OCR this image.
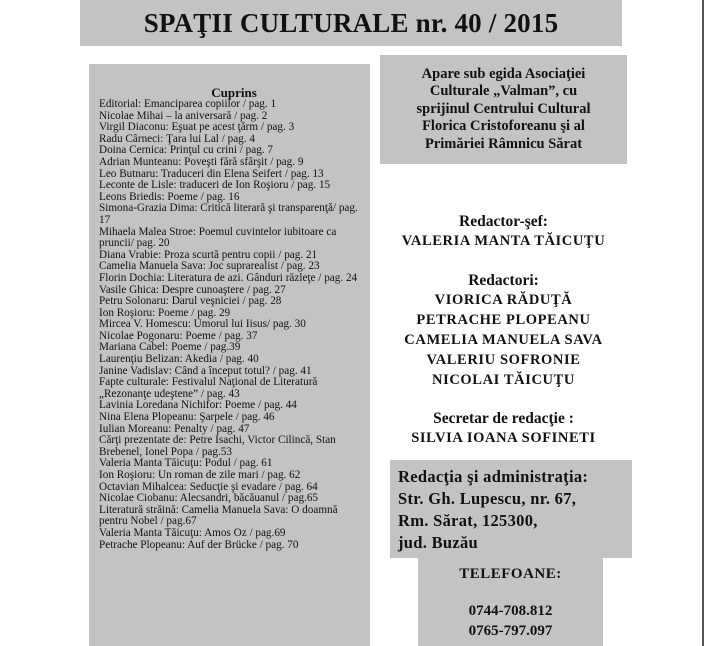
SPAŢII CULTURALE nr. 40 / 2015
Cuprins
Editorial: Emanciparea copiilor / pag. 1
Nicolae Mihai – la aniversară / pag. 2
Virgil Diaconu: Eşuat pe acest ţărm / pag. 3
Radu Cârneci: Ţara lui Lal / pag. 4
Doina Cernica: Prinţul cu crini / pag. 7
Adrian Munteanu: Poveşti fără sfârşit / pag. 9
Leo Butnaru: Traduceri din Elena Seifert / pag. 13
Leconte de Lisle: traduceri de Ion Roşioru / pag. 15
Leons Briedis: Poeme / pag. 16
Simona-Grazia Dima: Critică literară şi transparenţă/ pag. 17
Mihaela Malea Stroe: Poemul cuvintelor iubitoare ca pruncii/ pag. 20
Diana Vrabie: Proza scurtă pentru copii / pag. 21
Camelia Manuela Sava: Joc suprarealist / pag. 23
Florin Dochia: Literatura de azi. Gânduri răzleţe / pag. 24
Vasile Ghica: Despre cunoaştere / pag. 27
Petru Solonaru: Darul veşniciei / pag. 28
Ion Roşioru: Poeme / pag. 29
Mircea V. Homescu: Umorul lui Iisus/ pag. 30
Nicolae Pogonaru: Poeme / pag. 37
Mariana Cabel: Poeme / pag.39
Laurenţiu Belizan: Akedia / pag. 40
Janine Vadislav: Când a început totul? / pag. 41
Fapte culturale: Festivalul Naţional de Literatură „Rezonanţe udeştene” / pag. 43
Lavinia Loredana Nichifor: Poeme / pag. 44
Nina Elena Plopeanu: Şarpele / pag. 46
Iulian Moreanu: Penalty / pag. 47
Cărţi prezentate de: Petre Isachi, Victor Cilincă, Stan Brebenel, Ionel Popa / pag.53
Valeria Manta Tăicuţu: Podul / pag. 61
Ion Roşioru: Un roman de zile mari / pag. 62
Octavian Mihalcea: Seducţie şi evadare / pag. 64
Nicolae Ciobanu: Alecsandri, băcăuanul / pag.65
Literatură străină: Camelia Manuela Sava: O doamnă pentru Nobel / pag.67
Valeria Manta Tăicuţu: Amos Oz / pag.69
Petrache Plopeanu: Auf der Brücke / pag. 70
Apare sub egida Asociaţiei
Culturale „Valman”, cu
sprijinul Centrului Cultural
Florica Cristoforeanu şi al
Primăriei Râmnicu Sărat
Redactor-şef:
VALERIA MANTA TĂICUŢU
Redactori:
VIORICA RĂDUŢĂ
PETRACHE PLOPEANU
CAMELIA MANUELA SAVA
VALERIU SOFRONIE
NICOLAI TĂICUŢU
Secretar de redacţie :
SILVIA IOANA SOFINETI
Redacţia şi administraţia:
Str. Gh. Lupescu, nr. 67,
Rm. Sărat, 125300,
jud. Buzău
TELEFOANE:
0744-708.812
0765-797.097
